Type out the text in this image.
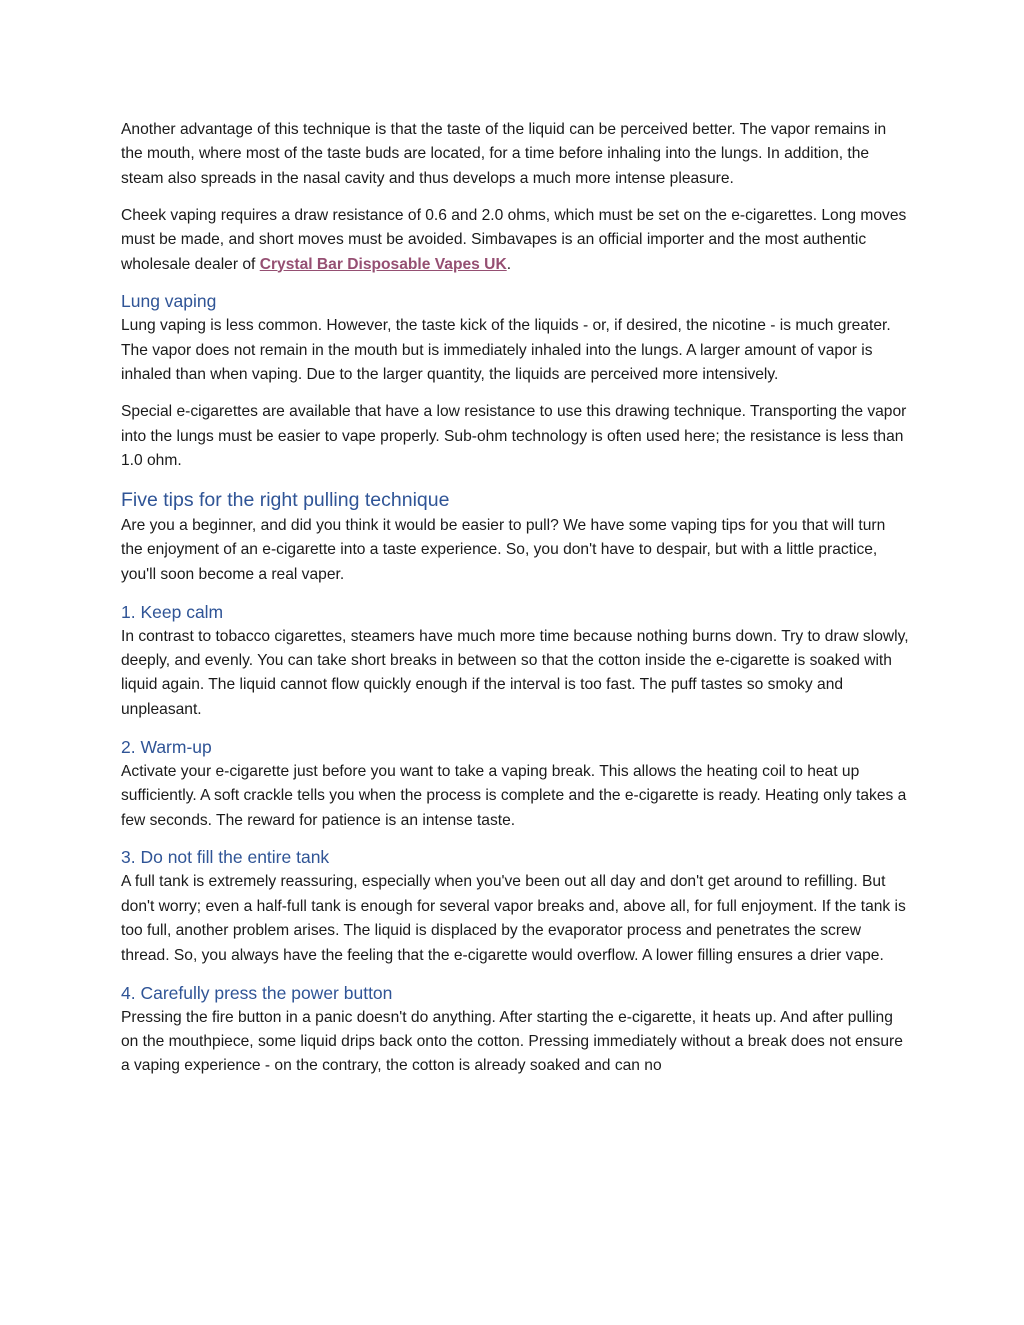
Another advantage of this technique is that the taste of the liquid can be perceived better. The vapor remains in the mouth, where most of the taste buds are located, for a time before inhaling into the lungs. In addition, the steam also spreads in the nasal cavity and thus develops a much more intense pleasure.

Cheek vaping requires a draw resistance of 0.6 and 2.0 ohms, which must be set on the e-cigarettes. Long moves must be made, and short moves must be avoided. Simbavapes is an official importer and the most authentic wholesale dealer of Crystal Bar Disposable Vapes UK.

Lung vaping

Lung vaping is less common. However, the taste kick of the liquids - or, if desired, the nicotine - is much greater. The vapor does not remain in the mouth but is immediately inhaled into the lungs. A larger amount of vapor is inhaled than when vaping. Due to the larger quantity, the liquids are perceived more intensively.

Special e-cigarettes are available that have a low resistance to use this drawing technique. Transporting the vapor into the lungs must be easier to vape properly. Sub-ohm technology is often used here; the resistance is less than 1.0 ohm.

Five tips for the right pulling technique

Are you a beginner, and did you think it would be easier to pull? We have some vaping tips for you that will turn the enjoyment of an e-cigarette into a taste experience. So, you don't have to despair, but with a little practice, you'll soon become a real vaper.

1. Keep calm

In contrast to tobacco cigarettes, steamers have much more time because nothing burns down. Try to draw slowly, deeply, and evenly. You can take short breaks in between so that the cotton inside the e-cigarette is soaked with liquid again. The liquid cannot flow quickly enough if the interval is too fast. The puff tastes so smoky and unpleasant.

2. Warm-up

Activate your e-cigarette just before you want to take a vaping break. This allows the heating coil to heat up sufficiently. A soft crackle tells you when the process is complete and the e-cigarette is ready. Heating only takes a few seconds. The reward for patience is an intense taste.

3. Do not fill the entire tank

A full tank is extremely reassuring, especially when you've been out all day and don't get around to refilling. But don't worry; even a half-full tank is enough for several vapor breaks and, above all, for full enjoyment. If the tank is too full, another problem arises. The liquid is displaced by the evaporator process and penetrates the screw thread. So, you always have the feeling that the e-cigarette would overflow. A lower filling ensures a drier vape.

4. Carefully press the power button

Pressing the fire button in a panic doesn't do anything. After starting the e-cigarette, it heats up. And after pulling on the mouthpiece, some liquid drips back onto the cotton. Pressing immediately without a break does not ensure a vaping experience - on the contrary, the cotton is already soaked and can no
